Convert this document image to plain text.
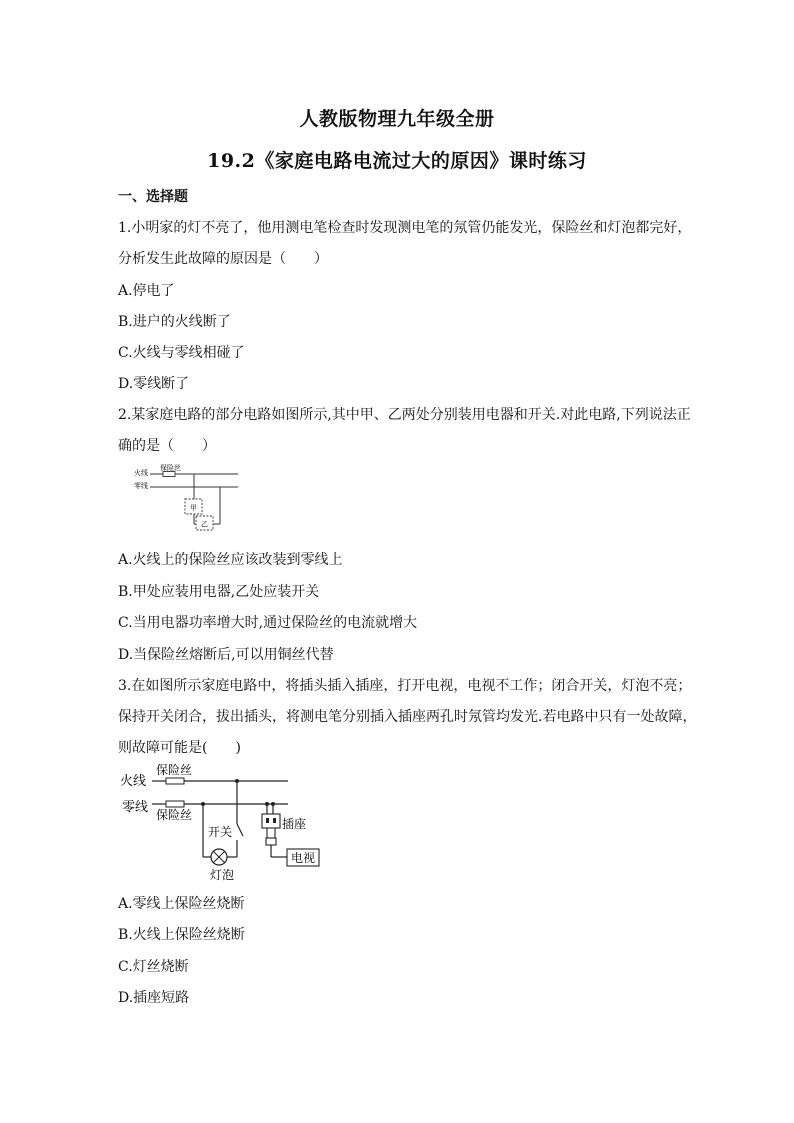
人教版物理九年级全册
19.2《家庭电路电流过大的原因》课时练习
一、选择题
1.小明家的灯不亮了，他用测电笔检查时发现测电笔的氖管仍能发光，保险丝和灯泡都完好，
分析发生此故障的原因是（　　）
A.停电了
B.进户的火线断了
C.火线与零线相碰了
D.零线断了
2.某家庭电路的部分电路如图所示,其中甲、乙两处分别装用电器和开关.对此电路,下列说法正
确的是（　　）
火线
零线
保险丝
甲
乙
A.火线上的保险丝应该改装到零线上
B.甲处应装用电器,乙处应装开关
C.当用电器功率增大时,通过保险丝的电流就增大
D.当保险丝熔断后,可以用铜丝代替
3.在如图所示家庭电路中，将插头插入插座，打开电视，电视不工作；闭合开关，灯泡不亮；
保持开关闭合，拔出插头，将测电笔分别插入插座两孔时氖管均发光.若电路中只有一处故障，
则故障可能是(　　)
火线
保险丝
零线 保险丝
灯泡
开关
插座
电视
A.零线上保险丝烧断
B.火线上保险丝烧断
C.灯丝烧断
D.插座短路
